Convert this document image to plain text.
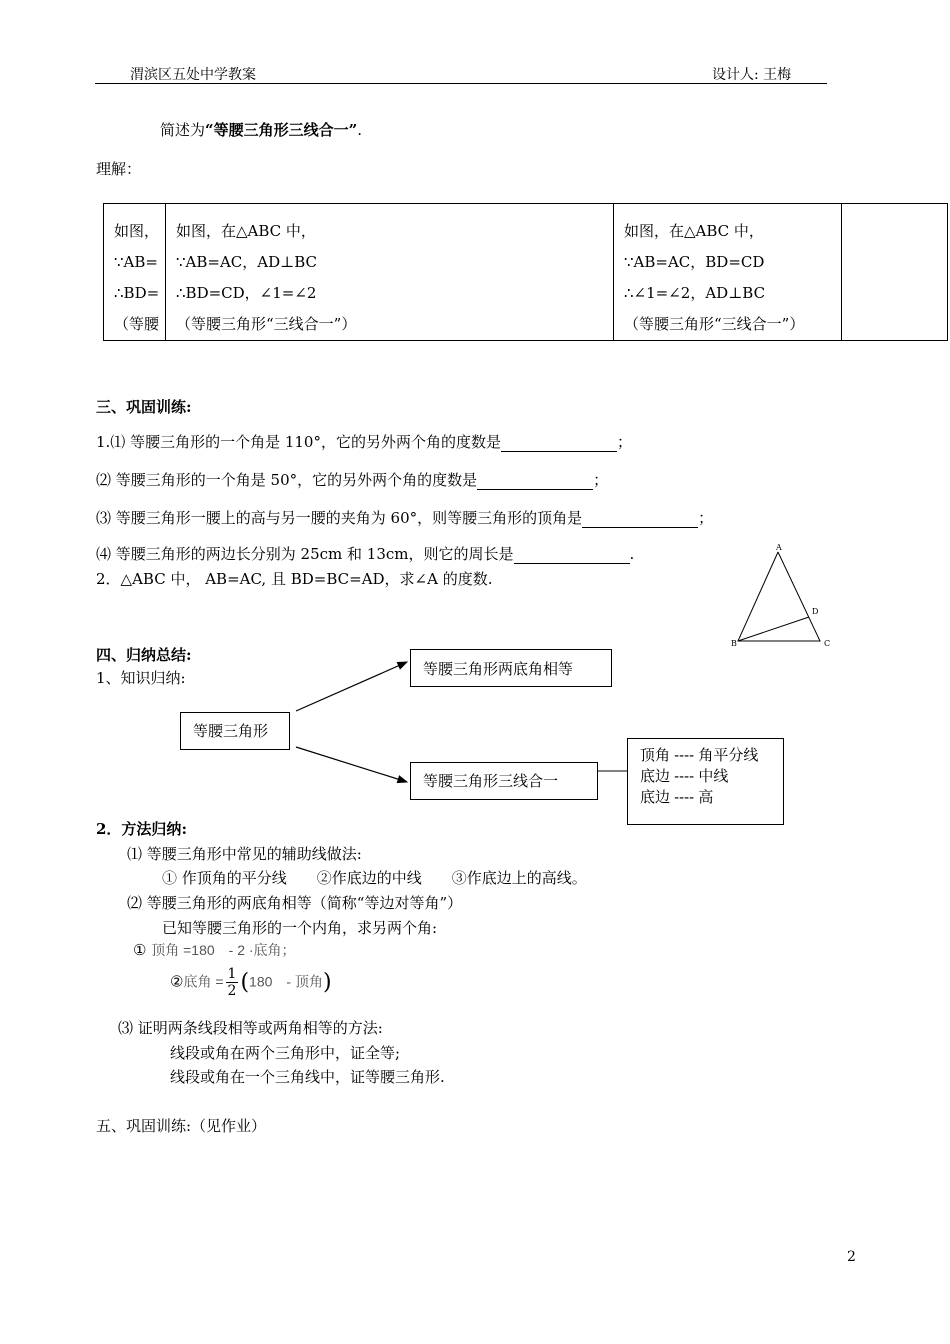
渭滨区五处中学教案	设计人: 王梅
简述为“等腰三角形三线合一”.
理解：
如图，
∵AB=
∴BD=
（等腰

如图，在△ABC 中，
∵AB=AC，AD⊥BC
∴BD=CD，∠1=∠2
（等腰三角形“三线合一”）

如图，在△ABC 中，
∵AB=AC，BD=CD
∴∠1=∠2，AD⊥BC
（等腰三角形“三线合一”）

三、巩固训练:
1.⑴ 等腰三角形的一个角是 110°，它的另外两个角的度数是	；
⑵ 等腰三角形的一个角是 50°，它的另外两个角的度数是	；
⑶ 等腰三角形一腰上的高与另一腰的夹角为 60°，则等腰三角形的顶角是	；
⑷ 等腰三角形的两边长分别为 25cm 和 13cm，则它的周长是	.
2．△ABC 中， AB=AC, 且 BD=BC=AD，求∠A 的度数.
A
B	C
D
四、归纳总结:
1、知识归纳:
等腰三角形
等腰三角形两底角相等
等腰三角形三线合一
顶角 ---- 角平分线
底边 ---- 中线
底边 ---- 高
2．方法归纳:
⑴ 等腰三角形中常见的辅助线做法:
① 作顶角的平分线　　②作底边的中线　　③作底边上的高线。
⑵ 等腰三角形的两底角相等（简称“等边对等角”）
已知等腰三角形的一个内角，求另两个角:
① 顶角 =180　- 2 ·底角；
②底角 = $\frac{1}{2} (180$　- 顶角)
⑶ 证明两条线段相等或两角相等的方法:
线段或角在两个三角形中，证全等;
线段或角在一个三角线中，证等腰三角形.
五、巩固训练:（见作业）
2
